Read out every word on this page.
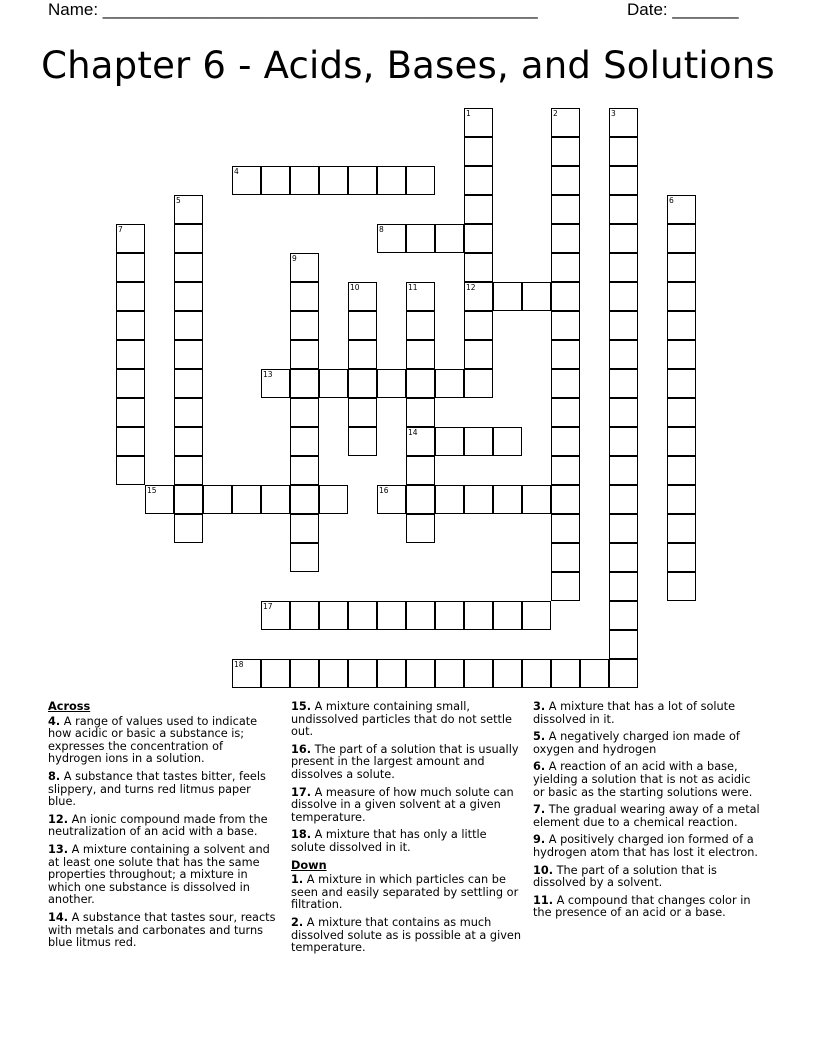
Name: ______________________________________________	Date: _______
Chapter 6 - Acids, Bases, and Solutions
1	2	3
4
5	6
7	8
9
10	11	12
13
14
15	16
17
18
Across
4. A range of values used to indicate how acidic or basic a substance is; expresses the concentration of hydrogen ions in a solution.
8. A substance that tastes bitter, feels slippery, and turns red litmus paper blue.
12. An ionic compound made from the neutralization of an acid with a base.
13. A mixture containing a solvent and at least one solute that has the same properties throughout; a mixture in which one substance is dissolved in another.
14. A substance that tastes sour, reacts with metals and carbonates and turns blue litmus red.
15. A mixture containing small, undissolved particles that do not settle out.
16. The part of a solution that is usually present in the largest amount and dissolves a solute.
17. A measure of how much solute can dissolve in a given solvent at a given temperature.
18. A mixture that has only a little solute dissolved in it.
Down
1. A mixture in which particles can be seen and easily separated by settling or filtration.
2. A mixture that contains as much dissolved solute as is possible at a given temperature.
3. A mixture that has a lot of solute dissolved in it.
5. A negatively charged ion made of oxygen and hydrogen
6. A reaction of an acid with a base, yielding a solution that is not as acidic or basic as the starting solutions were.
7. The gradual wearing away of a metal element due to a chemical reaction.
9. A positively charged ion formed of a hydrogen atom that has lost it electron.
10. The part of a solution that is dissolved by a solvent.
11. A compound that changes color in the presence of an acid or a base.
